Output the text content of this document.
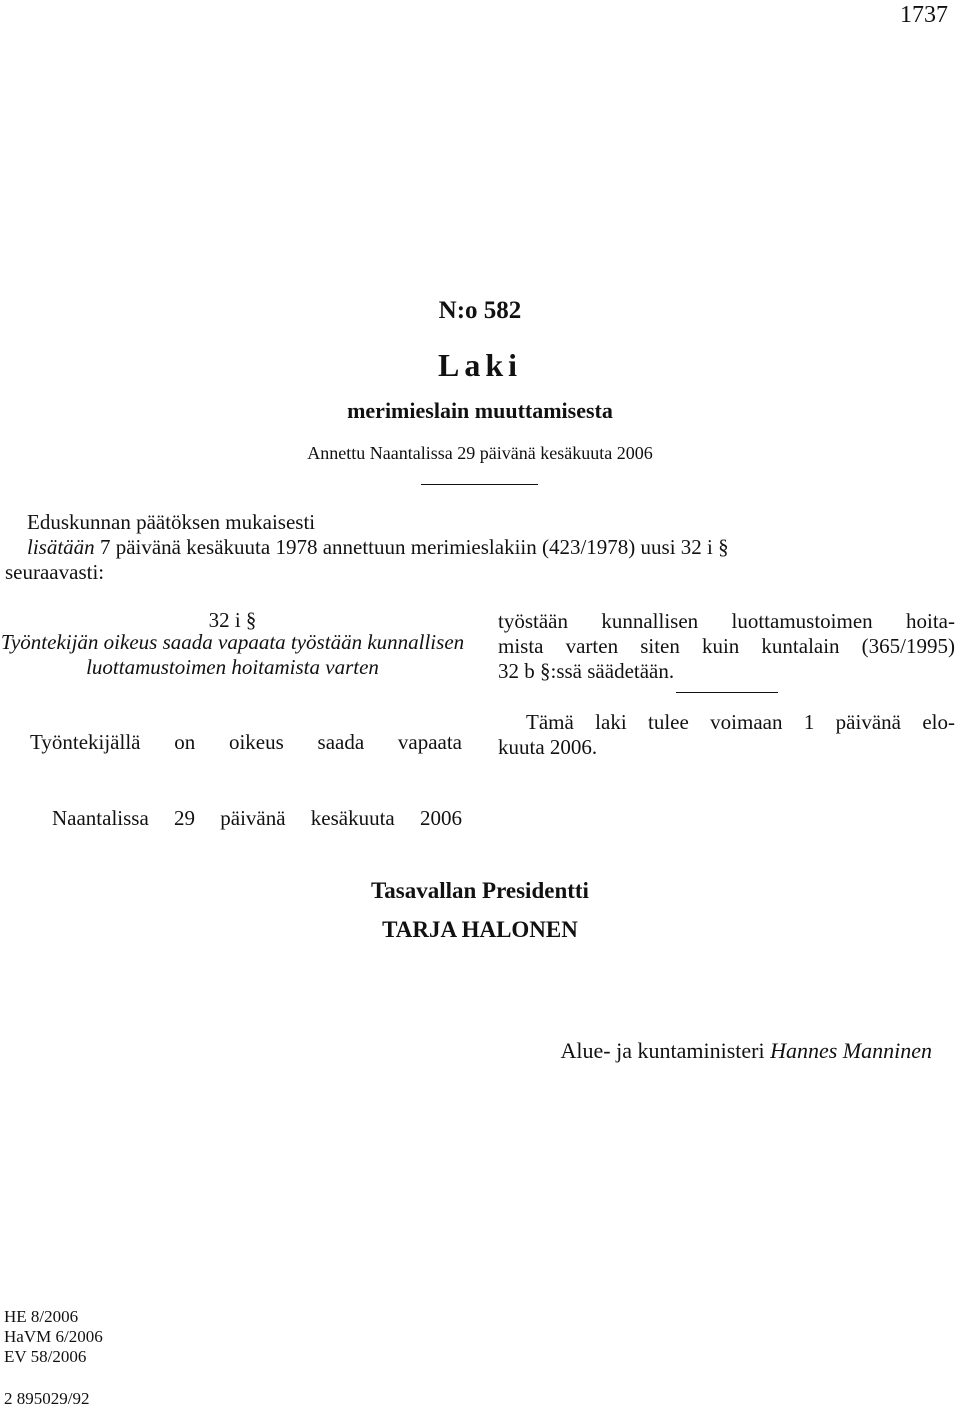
1737
N:o 582
Laki
merimieslain muuttamisesta
Annettu Naantalissa 29 päivänä kesäkuuta 2006
Eduskunnan päätöksen mukaisesti
lisätään 7 päivänä kesäkuuta 1978 annettuun merimieslakiin (423/1978) uusi 32 i §
seuraavasti:
32 i §
Työntekijän oikeus saada vapaata työstään kunnallisen luottamustoimen hoitamista varten
Työntekijällä on oikeus saada vapaata
työstään kunnallisen luottamustoimen hoita-
mista varten siten kuin kuntalain (365/1995)
32 b §:ssä säädetään.
Tämä laki tulee voimaan 1 päivänä elo-
kuuta 2006.
Naantalissa 29 päivänä kesäkuuta 2006
Tasavallan Presidentti
TARJA HALONEN
Alue- ja kuntaministeri Hannes Manninen
HE 8/2006
HaVM 6/2006
EV 58/2006
2 895029/92
